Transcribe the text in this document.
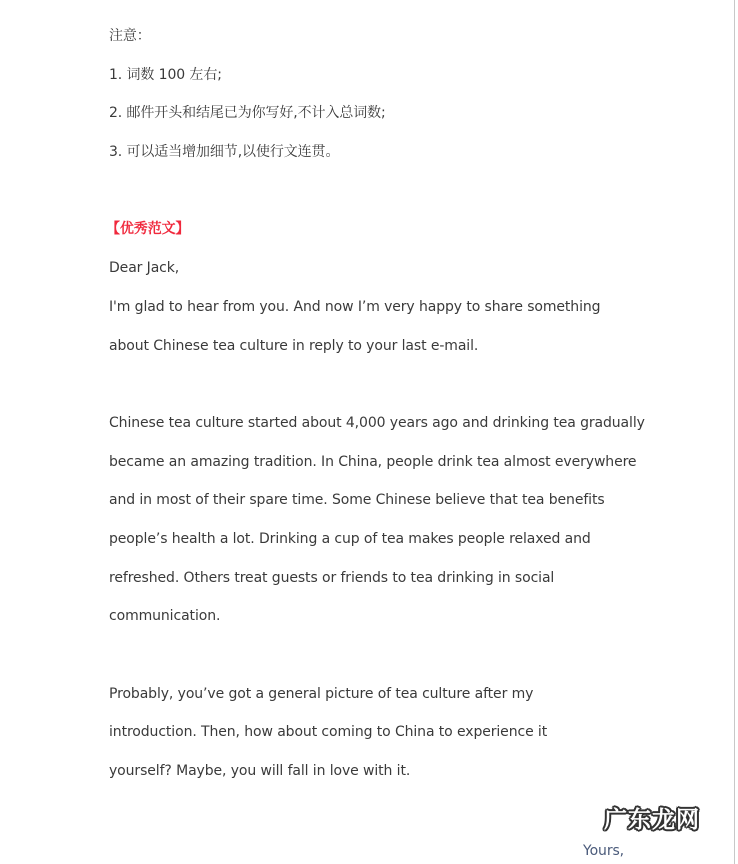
注意：
1. 词数 100 左右;
2. 邮件开头和结尾已为你写好,不计入总词数;
3. 可以适当增加细节,以使行文连贯。
【优秀范文】
Dear Jack,
I'm glad to hear from you. And now I’m very happy to share something
about Chinese tea culture in reply to your last e-mail.
Chinese tea culture started about 4,000 years ago and drinking tea gradually
became an amazing tradition. In China, people drink tea almost everywhere
and in most of their spare time. Some Chinese believe that tea benefits
people’s health a lot. Drinking a cup of tea makes people relaxed and
refreshed. Others treat guests or friends to tea drinking in social
communication.
Probably, you’ve got a general picture of tea culture after my
introduction. Then, how about coming to China to experience it
yourself? Maybe, you will fall in love with it.
广东龙网
Yours,
